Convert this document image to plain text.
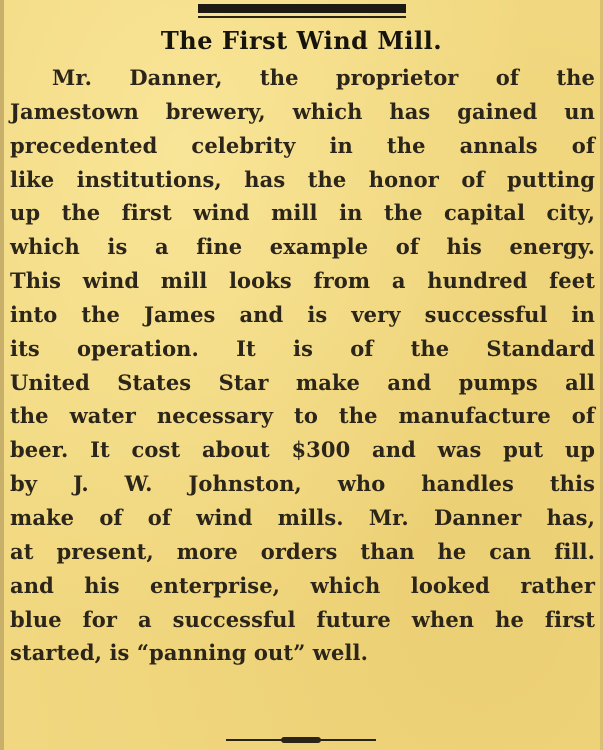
The First Wind Mill.
Mr. Danner, the proprietor of the
Jamestown brewery, which has gained un
precedented celebrity in the annals of
like institutions, has the honor of putting
up the first wind mill in the capital city,
which is a fine example of his energy.
This wind mill looks from a hundred feet
into the James and is very successful in
its operation. It is of the Standard
United States Star make and pumps all
the water necessary to the manufacture of
beer. It cost about $300 and was put up
by J. W. Johnston, who handles this
make of of wind mills. Mr. Danner has,
at present, more orders than he can fill.
and his enterprise, which looked rather
blue for a successful future when he first
started, is “panning out” well.
